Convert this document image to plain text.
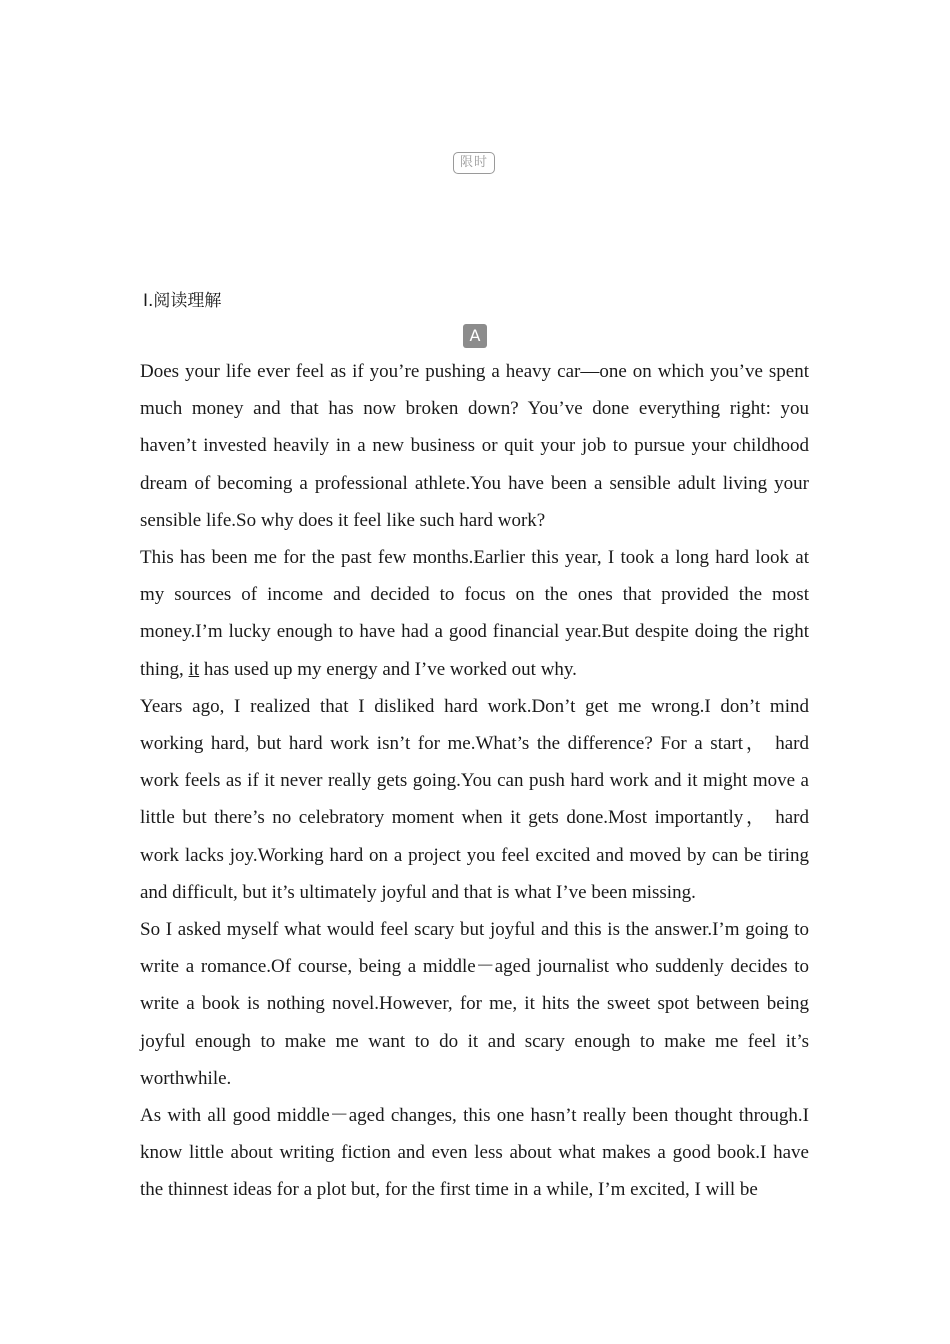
限时
Ⅰ.阅读理解
A

Does your life ever feel as if you’re pushing a heavy car—one on which you’ve spent much money and that has now broken down? You’ve done everything right: you haven’t invested heavily in a new business or quit your job to pursue your childhood dream of becoming a professional athlete.You have been a sensible adult living your sensible life.So why does it feel like such hard work?

This has been me for the past few months.Earlier this year, I took a long hard look at my sources of income and decided to focus on the ones that provided the most money.I’m lucky enough to have had a good financial year.But despite doing the right thing, it has used up my energy and I’ve worked out why.

Years ago, I realized that I disliked hard work.Don’t get me wrong.I don’t mind working hard, but hard work isn’t for me.What’s the difference? For a start， hard work feels as if it never really gets going.You can push hard work and it might move a little but there’s no celebratory moment when it gets done.Most importantly， hard work lacks joy.Working hard on a project you feel excited and moved by can be tiring and difficult, but it’s ultimately joyful and that is what I’ve been missing.

So I asked myself what would feel scary but joyful and this is the answer.I’m going to write a romance.Of course, being a middle－aged journalist who suddenly decides to write a book is nothing novel.However, for me, it hits the sweet spot between being joyful enough to make me want to do it and scary enough to make me feel it’s worthwhile.

As with all good middle－aged changes, this one hasn’t really been thought through.I know little about writing fiction and even less about what makes a good book.I have the thinnest ideas for a plot but, for the first time in a while, I’m excited, I will be
